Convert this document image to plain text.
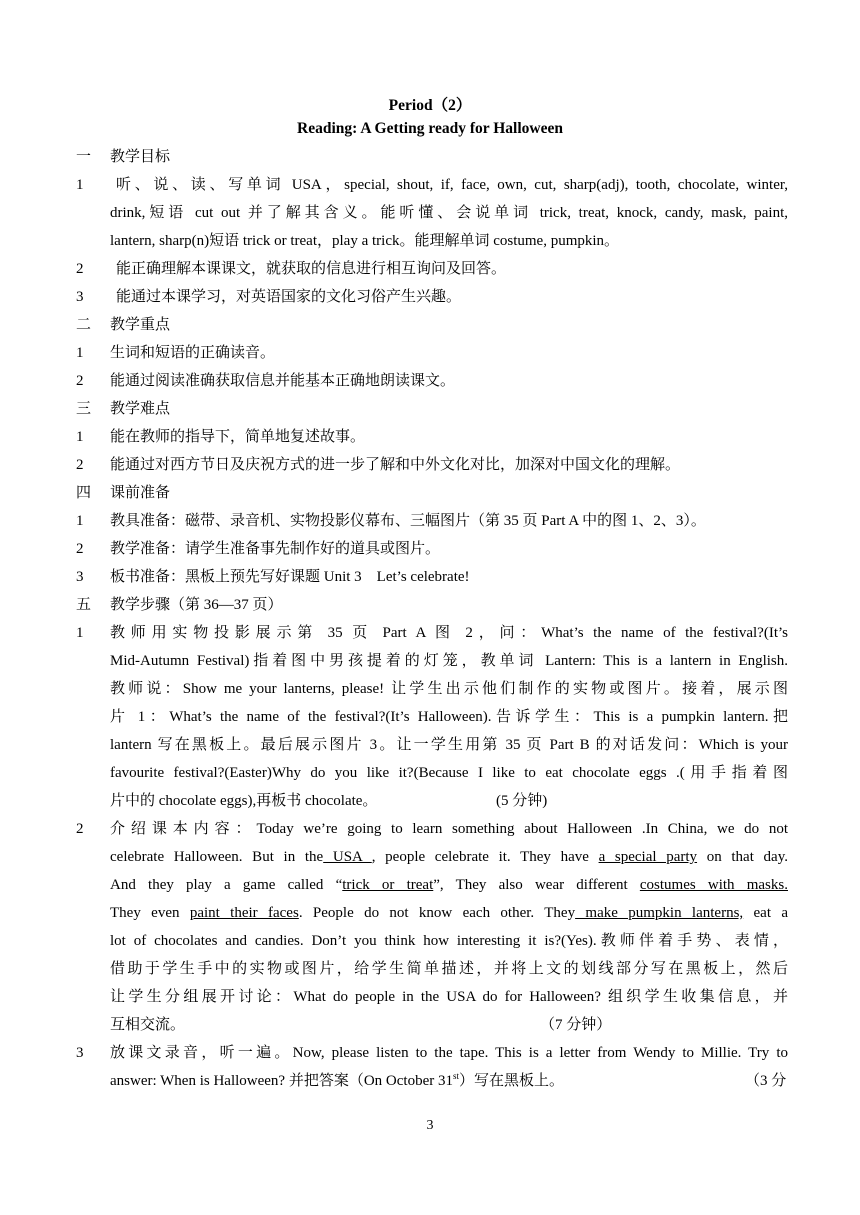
Period（2）
Reading: A Getting ready for Halloween
一	教学目标
1	听、说、读、写单词 USA，special, shout, if, face, own, cut, sharp(adj), tooth, chocolate, winter,
drink,短语 cut out 并了解其含义。能听懂、会说单词 trick, treat, knock, candy, mask, paint,
lantern, sharp(n)短语 trick or treat，play a trick。能理解单词 costume, pumpkin。
2	能正确理解本课课文，就获取的信息进行相互询问及回答。
3	能通过本课学习，对英语国家的文化习俗产生兴趣。
二	教学重点
1	生词和短语的正确读音。
2	能通过阅读准确获取信息并能基本正确地朗读课文。
三	教学难点
1	能在教师的指导下，简单地复述故事。
2	能通过对西方节日及庆祝方式的进一步了解和中外文化对比，加深对中国文化的理解。
四	课前准备
1	教具准备：磁带、录音机、实物投影仪幕布、三幅图片（第 35 页 Part A 中的图 1、2、3）。
2	教学准备：请学生准备事先制作好的道具或图片。
3	板书准备：黑板上预先写好课题 Unit 3    Let’s celebrate!
五	教学步骤（第 36—37 页）
1	教师用实物投影展示第 35 页 Part A 图 2，问：What’s the name of the festival?(It’s
Mid-Autumn Festival)指着图中男孩提着的灯笼，教单词 Lantern: This is a lantern in English.
教师说：Show me your lanterns, please! 让学生出示他们制作的实物或图片。接着，展示图
片 1：What’s the name of the festival?(It’s Halloween).告诉学生：This is a pumpkin lantern.把
lantern 写在黑板上。最后展示图片 3。让一学生用第 35 页 Part B 的对话发问：Which is your
favourite festival?(Easter)Why do you like it?(Because I like to eat chocolate eggs .(用手指着图
片中的 chocolate eggs),再板书 chocolate。	(5 分钟)
2	介绍课本内容：Today we’re going to learn something about Halloween .In China, we do not
celebrate Halloween. But in the USA , people celebrate it. They have a special party on that day.
And they play a game called “trick or treat”, They also wear different costumes with masks.
They even paint their faces. People do not know each other. They make pumpkin lanterns, eat a
lot of chocolates and candies. Don’t you think how interesting it is?(Yes).教师伴着手势、表情，
借助于学生手中的实物或图片，给学生简单描述，并将上文的划线部分写在黑板上，然后
让学生分组展开讨论：What do people in the USA do for Halloween? 组织学生收集信息，并
互相交流。	（7 分钟）
3	放课文录音，听一遍。Now, please listen to the tape. This is a letter from Wendy to Millie. Try to
answer: When is Halloween? 并把答案（On October 31st）写在黑板上。	（3 分
3
